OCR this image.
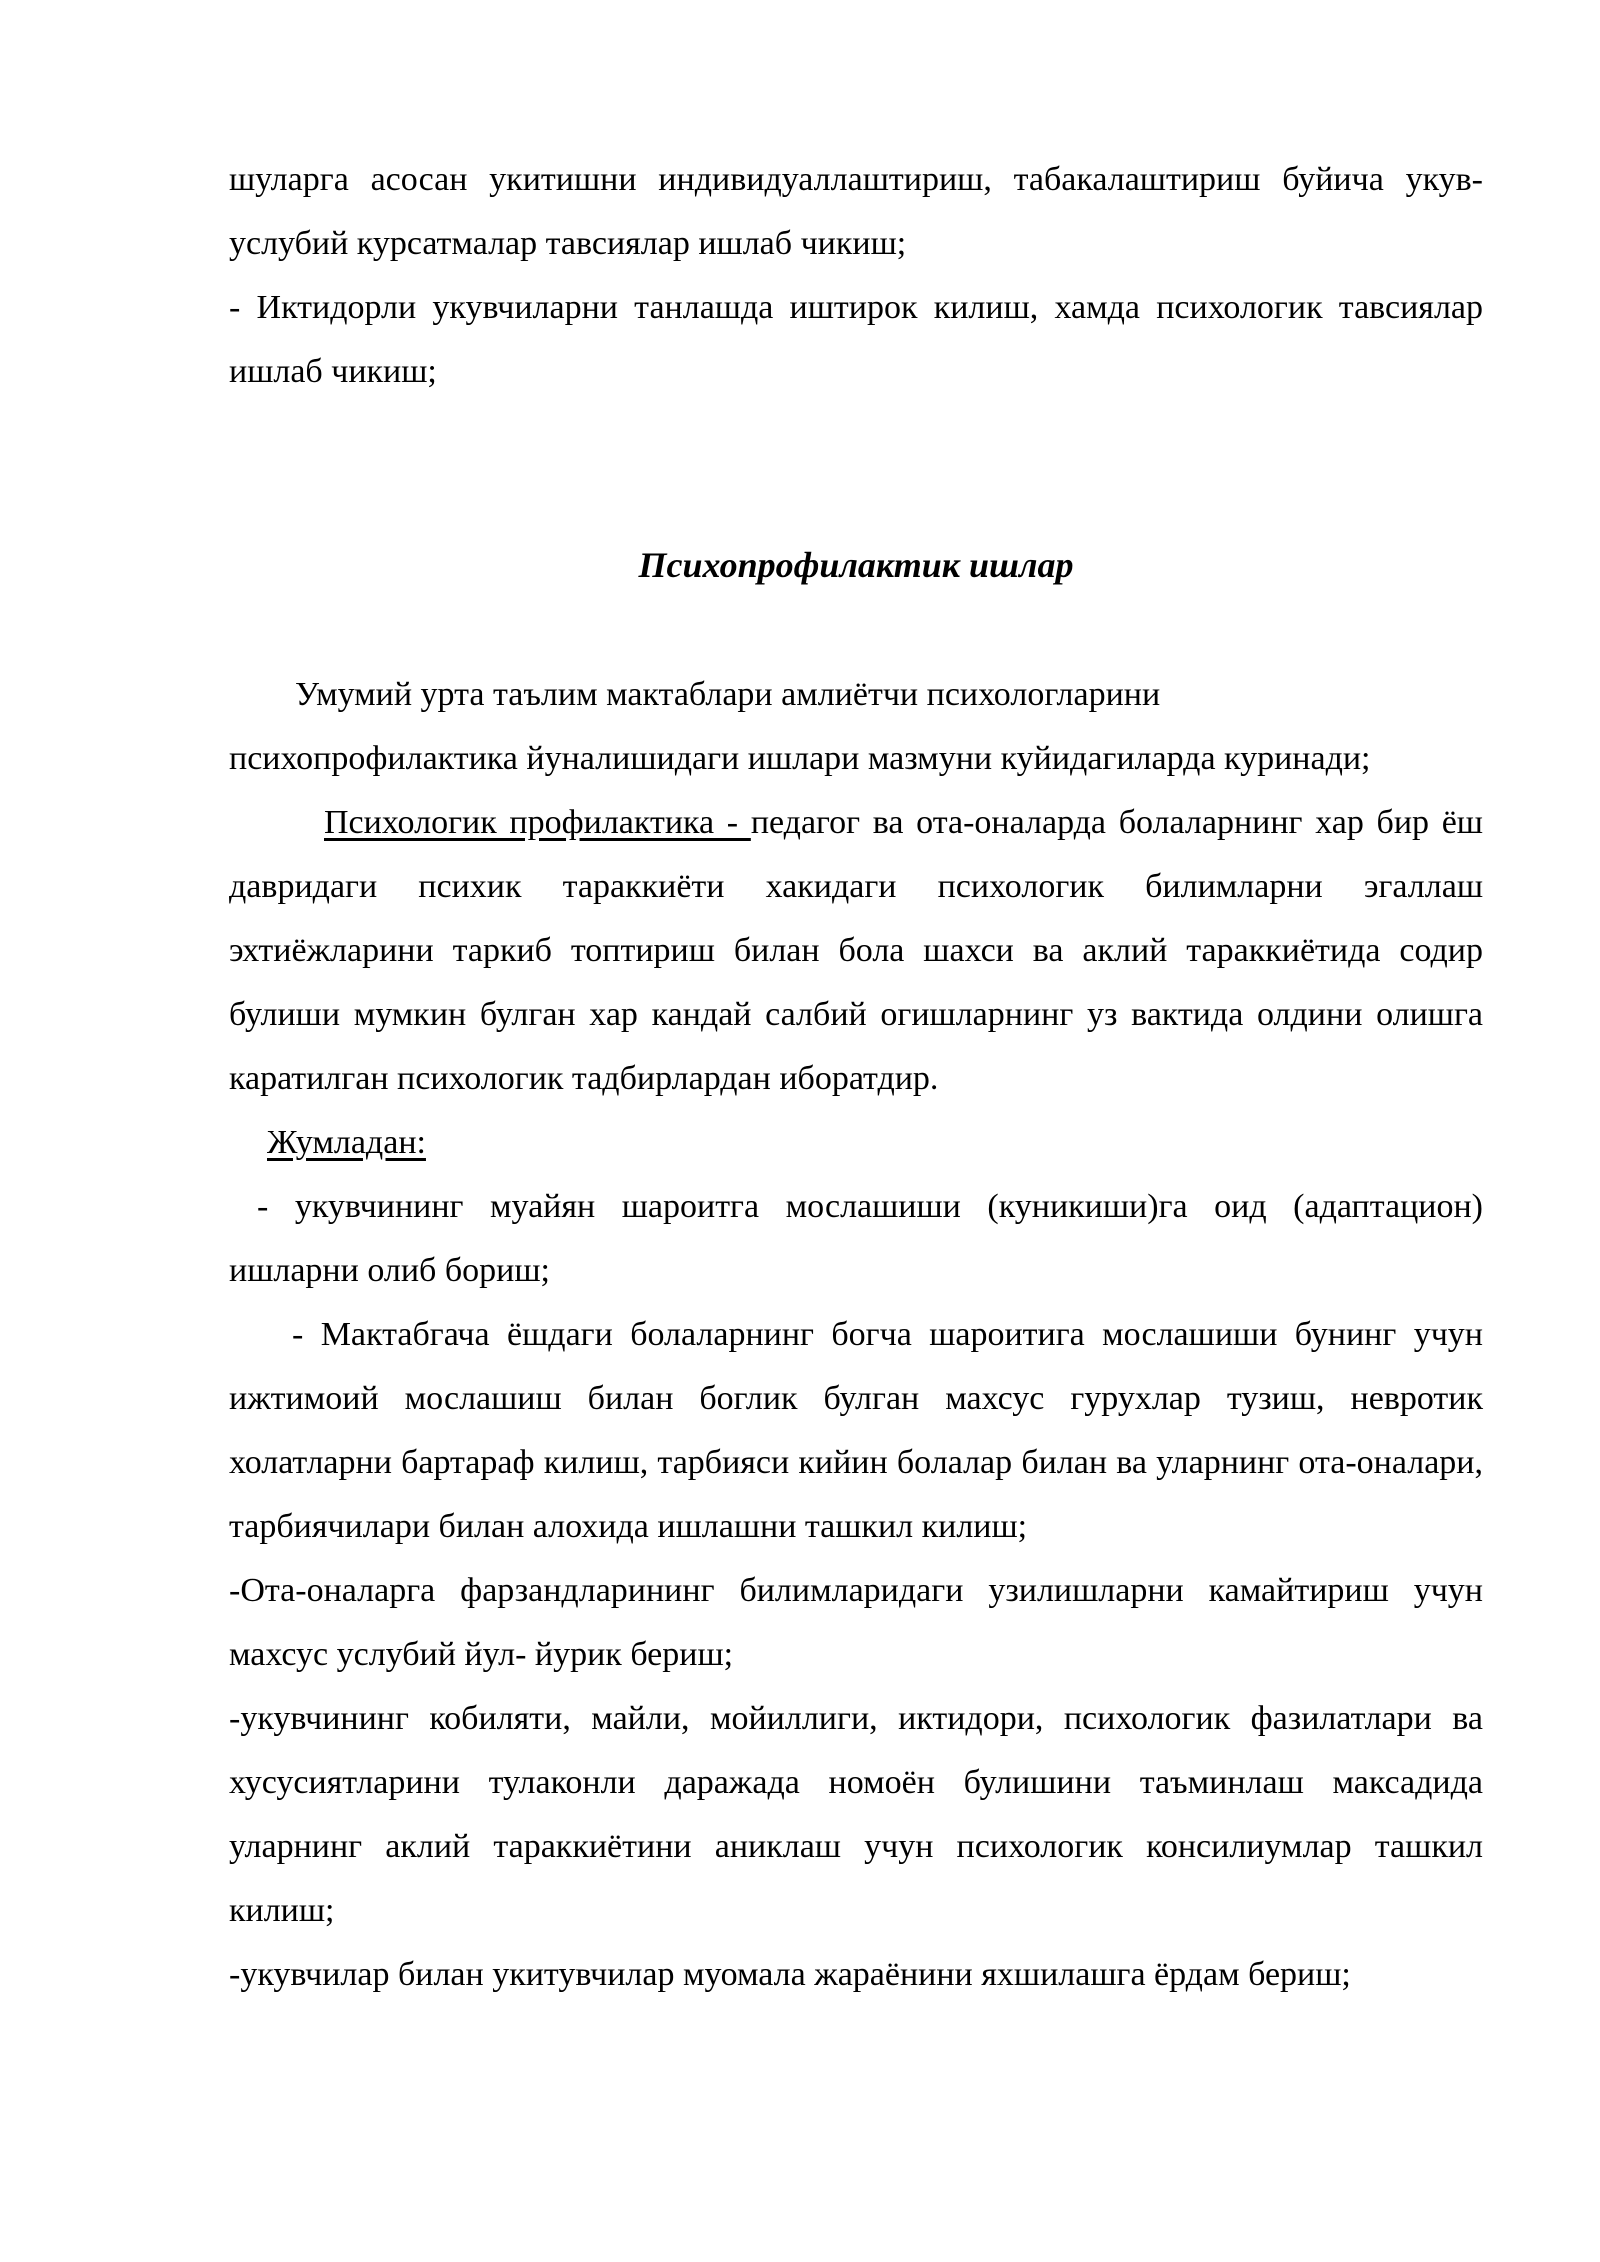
шуларга асосан укитишни индивидуаллаштириш, табакалаштириш буйича укув-услубий курсатмалар тавсиялар ишлаб чикиш;

- Иктидорли укувчиларни танлашда иштирок килиш, хамда психологик тавсиялар ишлаб чикиш;

Психопрофилактик ишлар

Умумий урта таълим мактаблари амлиётчи психологларини
психопрофилактика йуналишидаги ишлари мазмуни куйидагиларда куринади;

Психологик профилактика - педагог ва ота-оналарда болаларнинг хар бир ёш давридаги психик тараккиёти хакидаги психологик билимларни эгаллаш эхтиёжларини таркиб топтириш билан бола шахси ва аклий тараккиётида содир булиши мумкин булган хар кандай салбий огишларнинг уз вактида олдини олишга каратилган психологик тадбирлардан иборатдир.

Жумладан:

- укувчининг муайян шароитга мослашиши (куникиши)га оид (адаптацион) ишларни олиб бориш;

- Мактабгача ёшдаги болаларнинг богча шароитига мослашиши бунинг учун ижтимоий мослашиш билан боглик булган махсус гурухлар тузиш, невротик холатларни бартараф килиш, тарбияси кийин болалар билан ва уларнинг ота-оналари, тарбиячилари билан алохида ишлашни ташкил килиш;

-Ота-оналарга фарзандларининг билимларидаги узилишларни камайтириш учун махсус услубий йул- йурик бериш;

-укувчининг кобиляти, майли, мойиллиги, иктидори, психологик фазилатлари ва хусусиятларини тулаконли даражада номоён булишини таъминлаш максадида уларнинг аклий тараккиётини аниклаш учун психологик консилиумлар ташкил килиш;

-укувчилар билан укитувчилар муомала жараёнини яхшилашга ёрдам бериш;
